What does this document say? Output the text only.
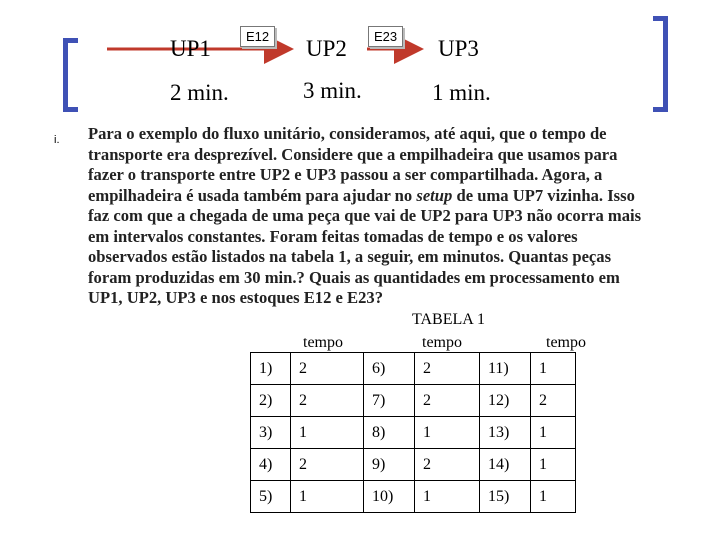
UP1	UP2	UP3
2 min.	3 min.	1 min.
E12	E23
i. Para o exemplo do fluxo unitário, consideramos, até aqui, que o tempo de transporte era desprezível. Considere que a empilhadeira que usamos para fazer o transporte entre UP2 e UP3 passou a ser compartilhada. Agora, a empilhadeira é usada também para ajudar no setup de uma UP7 vizinha. Isso faz com que a chegada de uma peça que vai de UP2 para UP3 não ocorra mais em intervalos constantes. Foram feitas tomadas de tempo e os valores observados estão listados na tabela 1, a seguir, em minutos. Quantas peças foram produzidas em 30 min.? Quais as quantidades em processamento em UP1, UP2, UP3 e nos estoques E12 e E23?
TABELA 1
tempo	tempo	tempo
1)	2	6)	2	11)	1
2)	2	7)	2	12)	2
3)	1	8)	1	13)	1
4)	2	9)	2	14)	1
5)	1	10)	1	15)	1
